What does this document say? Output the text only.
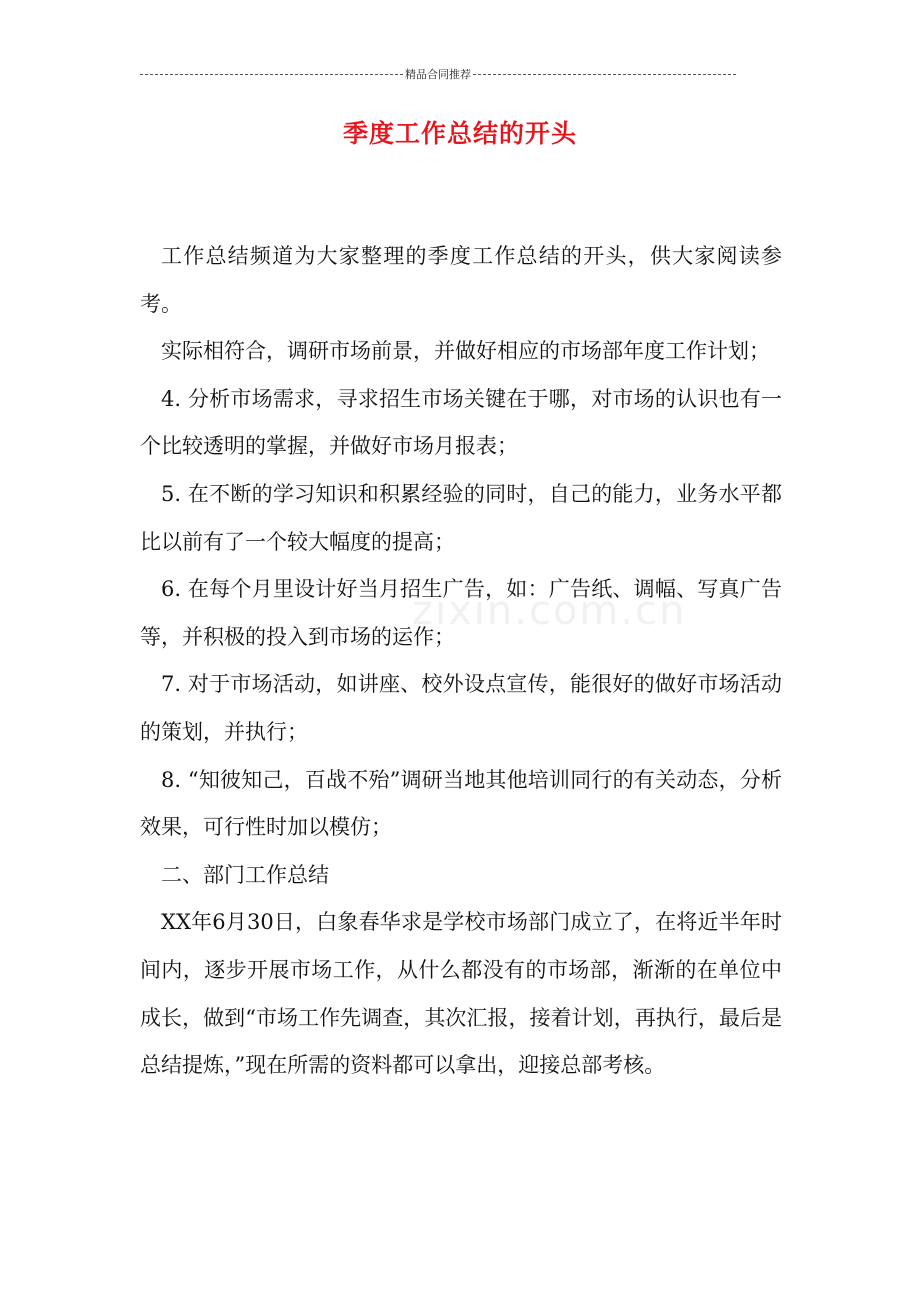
精品合同推荐
季度工作总结的开头

工作总结频道为大家整理的季度工作总结的开头，供大家阅读参考。

实际相符合，调研市场前景，并做好相应的市场部年度工作计划；

4. 分析市场需求，寻求招生市场关键在于哪，对市场的认识也有一个比较透明的掌握，并做好市场月报表；

5. 在不断的学习知识和积累经验的同时，自己的能力，业务水平都比以前有了一个较大幅度的提高；

6. 在每个月里设计好当月招生广告，如：广告纸、调幅、写真广告等，并积极的投入到市场的运作；

7. 对于市场活动，如讲座、校外设点宣传，能很好的做好市场活动的策划，并执行；

8. “知彼知己，百战不殆”调研当地其他培训同行的有关动态，分析效果，可行性时加以模仿；

二、部门工作总结

XX年6月30日，白象春华求是学校市场部门成立了，在将近半年时间内，逐步开展市场工作，从什么都没有的市场部，渐渐的在单位中成长，做到“市场工作先调查，其次汇报，接着计划，再执行，最后是总结提炼，”现在所需的资料都可以拿出，迎接总部考核。

zixin.com.cn
